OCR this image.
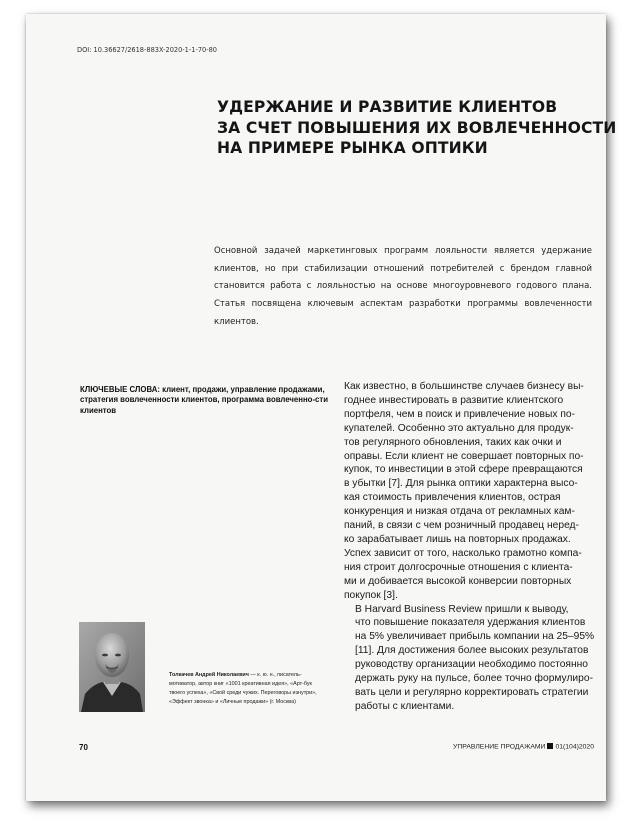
DOI: 10.36627/2618-883X-2020-1-1-70-80
УДЕРЖАНИЕ И РАЗВИТИЕ КЛИЕНТОВ
ЗА СЧЕТ ПОВЫШЕНИЯ ИХ ВОВЛЕЧЕННОСТИ
НА ПРИМЕРЕ РЫНКА ОПТИКИ

Основной задачей маркетинговых программ лояльности является удержание клиентов, но при стабилизации отношений потребителей с брендом главной становится работа с лояльностью на основе многоуровневого годового плана. Статья посвящена ключевым аспектам разработки программы вовлеченности клиентов.

КЛЮЧЕВЫЕ СЛОВА: клиент, продажи, управление продажами, стратегия вовлеченности клиентов, программа вовлеченно-сти клиентов
Толкачев Андрей Николаевич — к. ю. н., писатель-мотиватор, автор книг «1001 креативная идея», «Арт-бук твоего успеха», «Свой среди чужих. Переговоры изнутри», «Эффект звонка» и «Личные продажи» (г. Москва)

Как известно, в большинстве случаев бизнесу вы-
годнее инвестировать в развитие клиентского
портфеля, чем в поиск и привлечение новых по-
купателей. Особенно это актуально для продук-
тов регулярного обновления, таких как очки и
оправы. Если клиент не совершает повторных по-
купок, то инвестиции в этой сфере превращаются
в убытки [7]. Для рынка оптики характерна высо-
кая стоимость привлечения клиентов, острая
конкуренция и низкая отдача от рекламных кам-
паний, в связи с чем розничный продавец неред-
ко зарабатывает лишь на повторных продажах.
Успех зависит от того, насколько грамотно компа-
ния строит долгосрочные отношения с клиента-
ми и добивается высокой конверсии повторных
покупок [3].

В Harvard Business Review пришли к выводу,
что повышение показателя удержания клиентов
на 5% увеличивает прибыль компании на 25–95%
[11]. Для достижения более высоких результатов
руководству организации необходимо постоянно
держать руку на пульсе, более точно формулиро-
вать цели и регулярно корректировать стратегии
работы с клиентами.

70	УПРАВЛЕНИЕ ПРОДАЖАМИ 01(104)2020
